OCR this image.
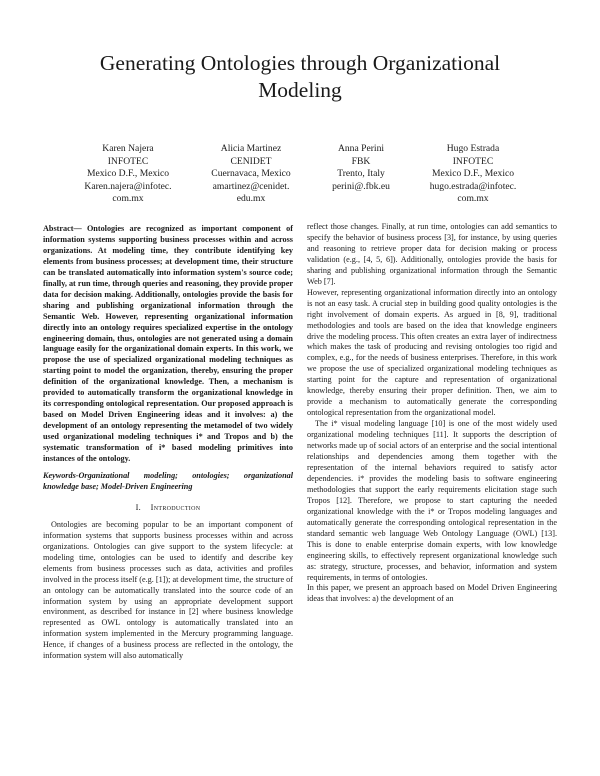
Generating Ontologies through Organizational Modeling
Karen Najera
INFOTEC
Mexico D.F., Mexico
Karen.najera@infotec.
com.mx
Alicia Martinez
CENIDET
Cuernavaca, Mexico
amartinez@cenidet.
edu.mx
Anna Perini
FBK
Trento, Italy
perini@.fbk.eu
Hugo Estrada
INFOTEC
Mexico D.F., Mexico
hugo.estrada@infotec.
com.mx

Abstract— Ontologies are recognized as important component of information systems supporting business processes within and across organizations. At modeling time, they contribute identifying key elements from business processes; at development time, their structure can be translated automatically into information system's source code; finally, at run time, through queries and reasoning, they provide proper data for decision making. Additionally, ontologies provide the basis for sharing and publishing organizational information through the Semantic Web. However, representing organizational information directly into an ontology requires specialized expertise in the ontology engineering domain, thus, ontologies are not generated using a domain language easily for the organizational domain experts. In this work, we propose the use of specialized organizational modeling techniques as starting point to model the organization, thereby, ensuring the proper definition of the organizational knowledge. Then, a mechanism is provided to automatically transform the organizational knowledge in its corresponding ontological representation. Our proposed approach is based on Model Driven Engineering ideas and it involves: a) the development of an ontology representing the metamodel of two widely used organizational modeling techniques i* and Tropos and b) the systematic transformation of i* based modeling primitives into instances of the ontology.

Keywords-Organizational modeling; ontologies; organizational knowledge base; Model-Driven Engineering

I. Introduction

Ontologies are becoming popular to be an important component of information systems that supports business processes within and across organizations. Ontologies can give support to the system lifecycle: at modeling time, ontologies can be used to identify and describe key elements from business processes such as data, activities and profiles involved in the process itself (e.g. [1]); at development time, the structure of an ontology can be automatically translated into the source code of an information system by using an appropriate development support environment, as described for instance in [2] where business knowledge represented as OWL ontology is automatically translated into an information system implemented in the Mercury programming language. Hence, if changes of a business process are reflected in the ontology, the information system will also automatically

reflect those changes. Finally, at run time, ontologies can add semantics to specify the behavior of business process [3], for instance, by using queries and reasoning to retrieve proper data for decision making or process validation (e.g., [4, 5, 6]). Additionally, ontologies provide the basis for sharing and publishing organizational information through the Semantic Web [7].

However, representing organizational information directly into an ontology is not an easy task. A crucial step in building good quality ontologies is the right involvement of domain experts. As argued in [8, 9], traditional methodologies and tools are based on the idea that knowledge engineers drive the modeling process. This often creates an extra layer of indirectness which makes the task of producing and revising ontologies too rigid and complex, e.g., for the needs of business enterprises. Therefore, in this work we propose the use of specialized organizational modeling techniques as starting point for the capture and representation of organizational knowledge, thereby ensuring their proper definition. Then, we aim to provide a mechanism to automatically generate the corresponding ontological representation from the organizational model.

The i* visual modeling language [10] is one of the most widely used organizational modeling techniques [11]. It supports the description of networks made up of social actors of an enterprise and the social intentional relationships and dependencies among them together with the representation of the internal behaviors required to satisfy actor dependencies. i* provides the modeling basis to software engineering methodologies that support the early requirements elicitation stage such Tropos [12]. Therefore, we propose to start capturing the needed organizational knowledge with the i* or Tropos modeling languages and automatically generate the corresponding ontological representation in the standard semantic web language Web Ontology Language (OWL) [13]. This is done to enable enterprise domain experts, with low knowledge engineering skills, to effectively represent organizational knowledge such as: strategy, structure, processes, and behavior, information and system requirements, in terms of ontologies.

In this paper, we present an approach based on Model Driven Engineering ideas that involves: a) the development of an
